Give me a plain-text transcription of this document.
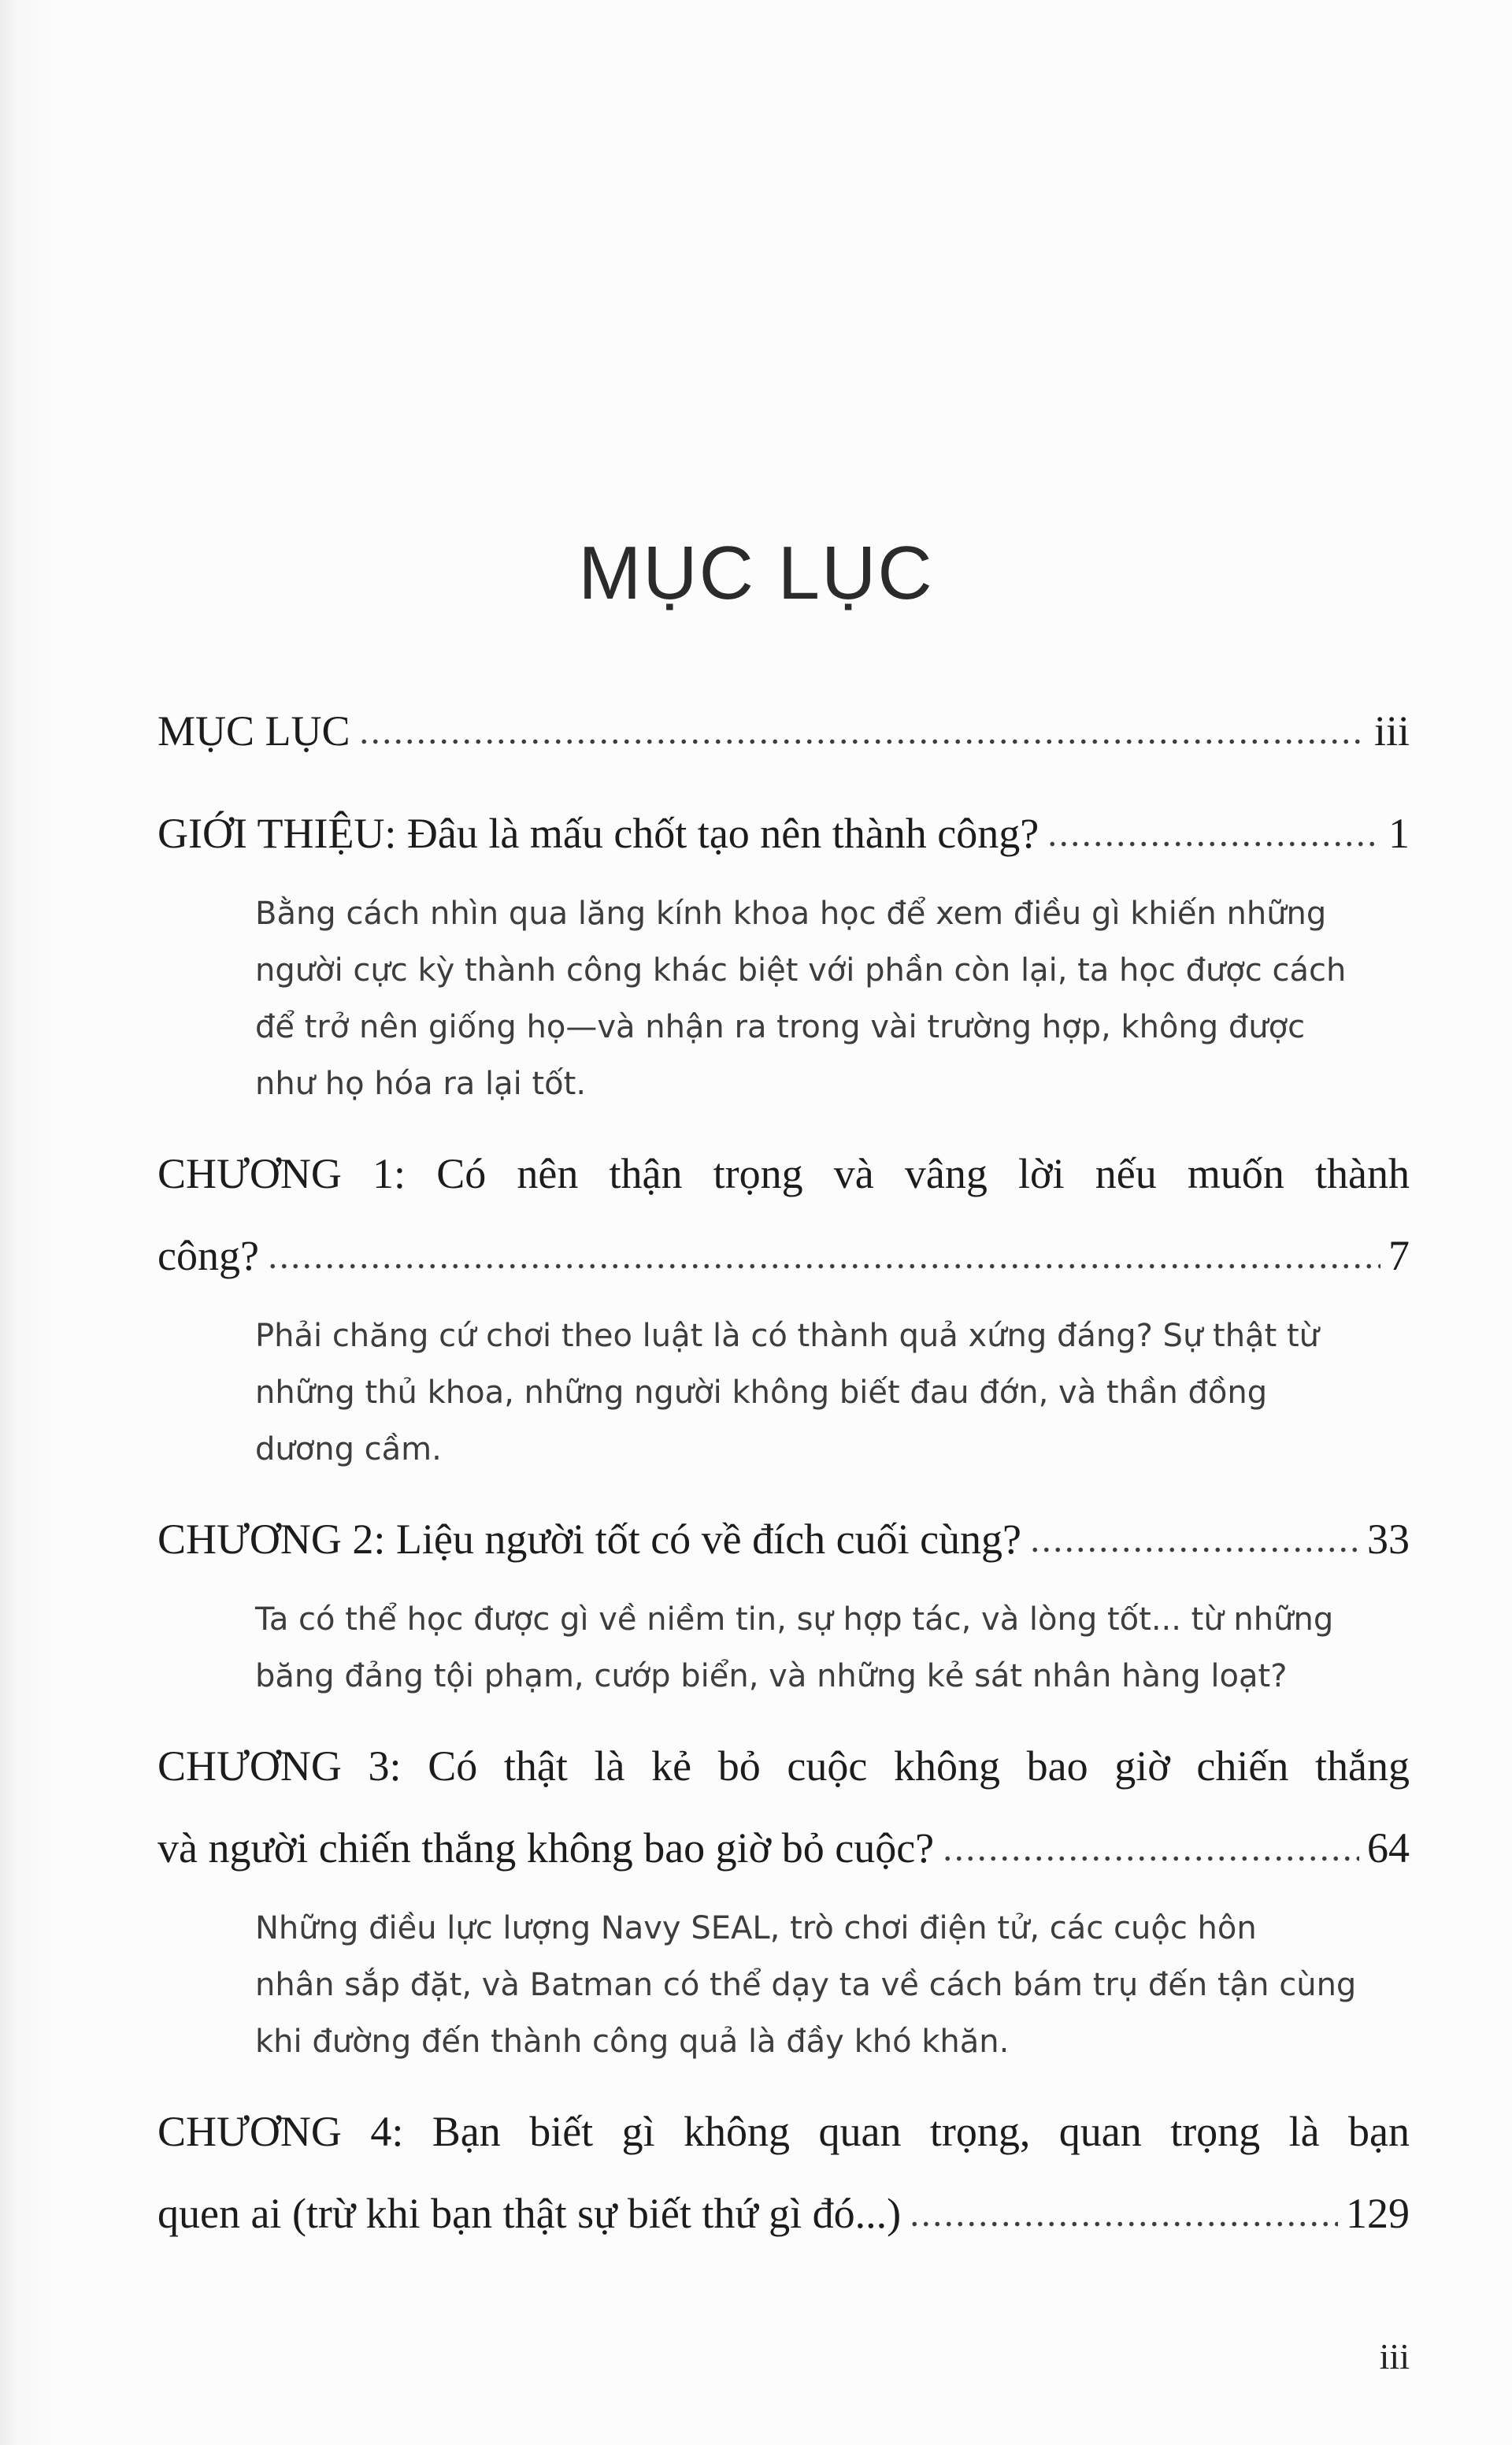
MỤC LỤC
MỤC LỤC	iii
GIỚI THIỆU: Đâu là mấu chốt tạo nên thành công?	1
Bằng cách nhìn qua lăng kính khoa học để xem điều gì khiến những
người cực kỳ thành công khác biệt với phần còn lại, ta học được cách
để trở nên giống họ—và nhận ra trong vài trường hợp, không được
như họ hóa ra lại tốt.
CHƯƠNG 1: Có nên thận trọng và vâng lời nếu muốn thành
công?	7
Phải chăng cứ chơi theo luật là có thành quả xứng đáng? Sự thật từ
những thủ khoa, những người không biết đau đớn, và thần đồng
dương cầm.
CHƯƠNG 2: Liệu người tốt có về đích cuối cùng?	33
Ta có thể học được gì về niềm tin, sự hợp tác, và lòng tốt... từ những
băng đảng tội phạm, cướp biển, và những kẻ sát nhân hàng loạt?
CHƯƠNG 3: Có thật là kẻ bỏ cuộc không bao giờ chiến thắng
và người chiến thắng không bao giờ bỏ cuộc?	64
Những điều lực lượng Navy SEAL, trò chơi điện tử, các cuộc hôn
nhân sắp đặt, và Batman có thể dạy ta về cách bám trụ đến tận cùng
khi đường đến thành công quả là đầy khó khăn.
CHƯƠNG 4: Bạn biết gì không quan trọng, quan trọng là bạn
quen ai (trừ khi bạn thật sự biết thứ gì đó...)	129
iii
